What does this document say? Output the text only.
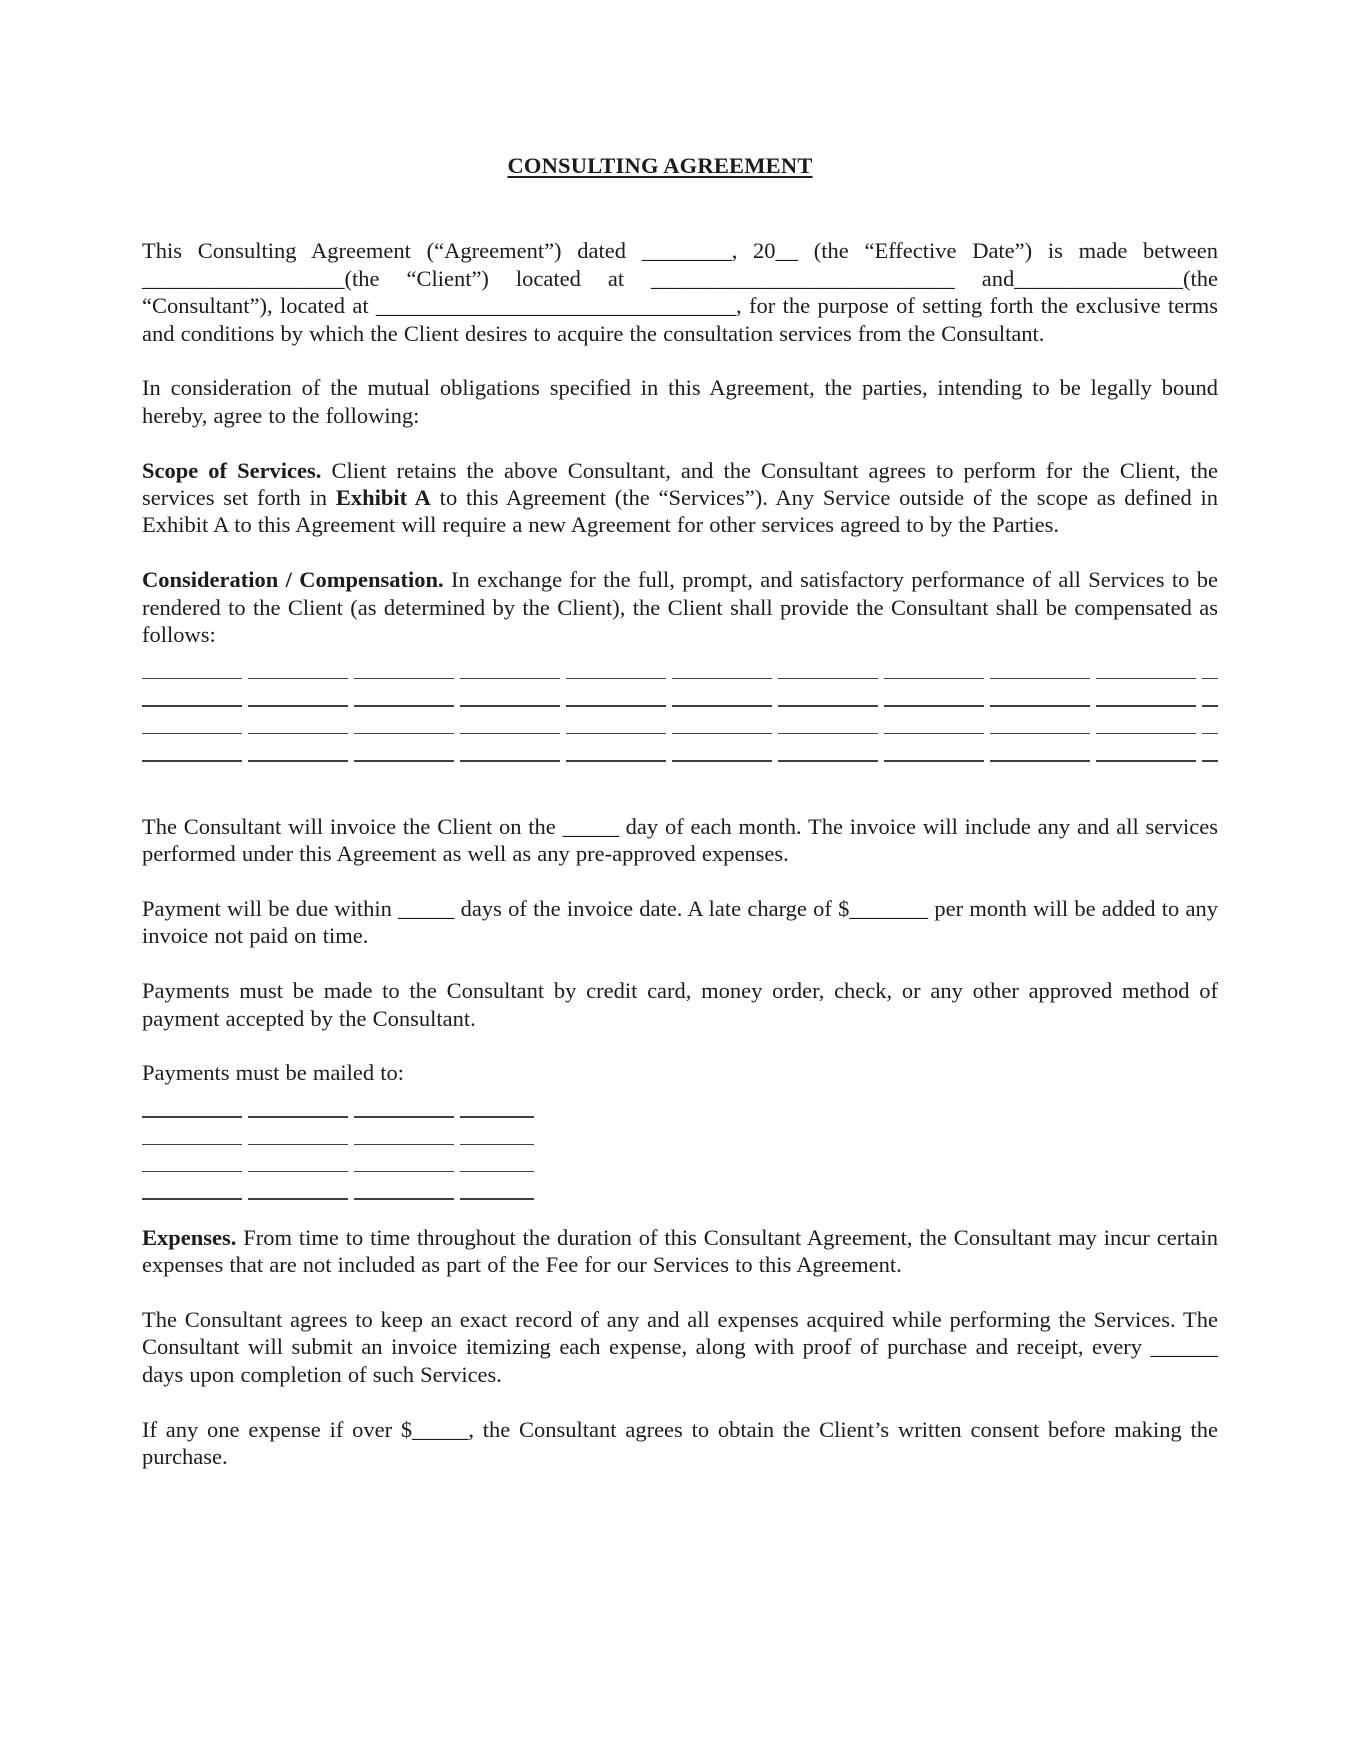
CONSULTING AGREEMENT

This Consulting Agreement (“Agreement”) dated ________, 20__ (the “Effective Date”) is made between __________________(the “Client”) located at ___________________________ and_______________(the “Consultant”), located at ________________________________, for the purpose of setting forth the exclusive terms and conditions by which the Client desires to acquire the consultation services from the Consultant.

In consideration of the mutual obligations specified in this Agreement, the parties, intending to be legally bound hereby, agree to the following:

Scope of Services. Client retains the above Consultant, and the Consultant agrees to perform for the Client, the services set forth in Exhibit A to this Agreement (the “Services”). Any Service outside of the scope as defined in Exhibit A to this Agreement will require a new Agreement for other services agreed to by the Parties.

Consideration / Compensation. In exchange for the full, prompt, and satisfactory performance of all Services to be rendered to the Client (as determined by the Client), the Client shall provide the Consultant shall be compensated as follows:

The Consultant will invoice the Client on the _____ day of each month. The invoice will include any and all services performed under this Agreement as well as any pre-approved expenses.

Payment will be due within _____ days of the invoice date. A late charge of $_______ per month will be added to any invoice not paid on time.

Payments must be made to the Consultant by credit card, money order, check, or any other approved method of payment accepted by the Consultant.

Payments must be mailed to:

Expenses. From time to time throughout the duration of this Consultant Agreement, the Consultant may incur certain expenses that are not included as part of the Fee for our Services to this Agreement.

The Consultant agrees to keep an exact record of any and all expenses acquired while performing the Services. The Consultant will submit an invoice itemizing each expense, along with proof of purchase and receipt, every ______ days upon completion of such Services.

If any one expense if over $_____, the Consultant agrees to obtain the Client’s written consent before making the purchase.
